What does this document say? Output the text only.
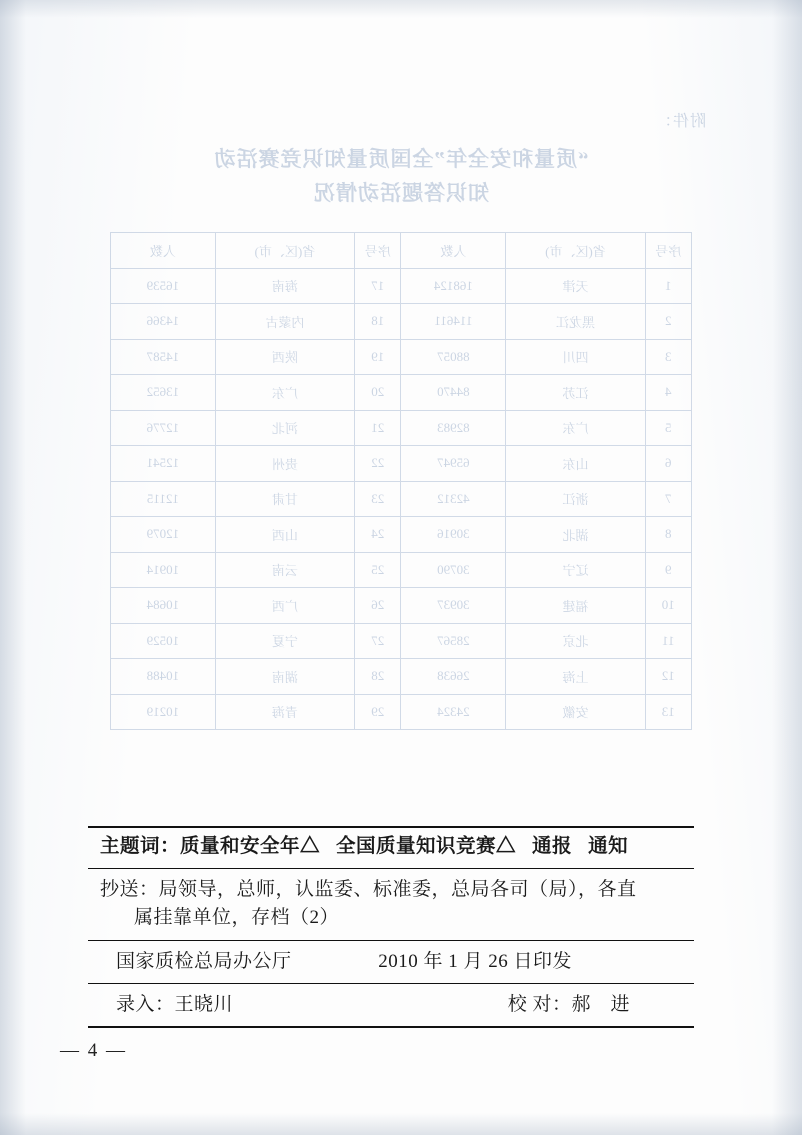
附件：
“质量和安全年”全国质量知识竞赛活动
知识答题活动情况
序号	省(区、市)	人数	序号	省(区、市)	人数
1	天津	168124	17	海南	16539
2	黑龙江	114611	18	内蒙古	14366
3	四川	88057	19	陕西	14587
4	江苏	84470	20	广东	13652
5	广东	82983	21	河北	12776
6	山东	65947	22	贵州	12541
7	浙江	42312	23	甘肃	12115
8	湖北	30916	24	山西	12079
9	辽宁	30790	25	云南	10914
10	福建	30937	26	广西	10684
11	北京	28567	27	宁夏	10529
12	上海	26638	28	湖南	10488
13	安徽	24324	29	青海	10219
主题词：质量和安全年△ 全国质量知识竞赛△ 通报 通知
抄送：局领导，总师，认监委、标准委，总局各司（局），各直
属挂靠单位，存档（2）
国家质检总局办公厅	2010 年 1 月 26 日印发
录入：王晓川	校 对：郝　进
— 4 —
